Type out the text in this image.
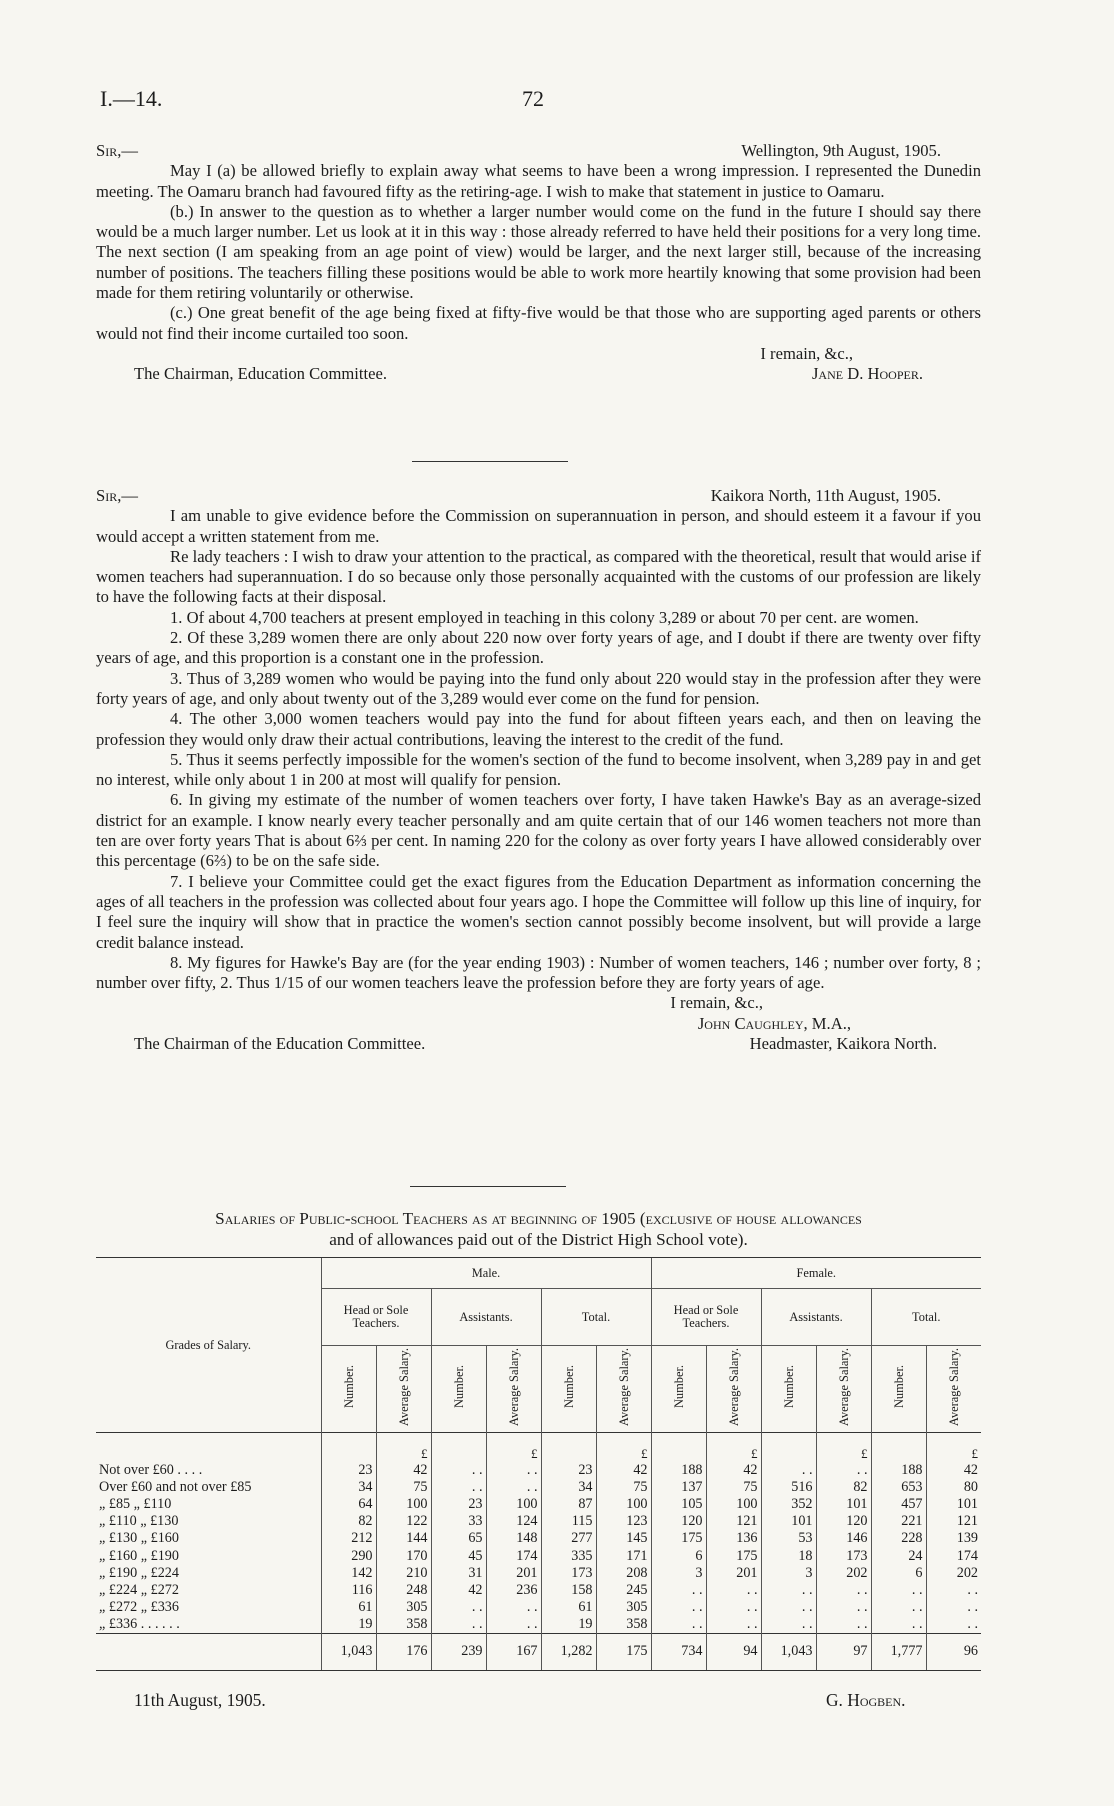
I.—14.	72
Sir,—	Wellington, 9th August, 1905.

May I (a) be allowed briefly to explain away what seems to have been a wrong impression. I represented the Dunedin meeting. The Oamaru branch had favoured fifty as the retiring-age. I wish to make that statement in justice to Oamaru.

(b.) In answer to the question as to whether a larger number would come on the fund in the future I should say there would be a much larger number. Let us look at it in this way : those already referred to have held their positions for a very long time. The next section (I am speaking from an age point of view) would be larger, and the next larger still, because of the increasing number of positions. The teachers filling these positions would be able to work more heartily knowing that some provision had been made for them retiring voluntarily or otherwise.

(c.) One great benefit of the age being fixed at fifty-five would be that those who are supporting aged parents or others would not find their income curtailed too soon.

I remain, &c.,
The Chairman, Education Committee.	Jane D. Hooper.
Sir,—	Kaikora North, 11th August, 1905.

I am unable to give evidence before the Commission on superannuation in person, and should esteem it a favour if you would accept a written statement from me.

Re lady teachers : I wish to draw your attention to the practical, as compared with the theoretical, result that would arise if women teachers had superannuation. I do so because only those personally acquainted with the customs of our profession are likely to have the following facts at their disposal.

1. Of about 4,700 teachers at present employed in teaching in this colony 3,289 or about 70 per cent. are women.

2. Of these 3,289 women there are only about 220 now over forty years of age, and I doubt if there are twenty over fifty years of age, and this proportion is a constant one in the profession.

3. Thus of 3,289 women who would be paying into the fund only about 220 would stay in the profession after they were forty years of age, and only about twenty out of the 3,289 would ever come on the fund for pension.

4. The other 3,000 women teachers would pay into the fund for about fifteen years each, and then on leaving the profession they would only draw their actual contributions, leaving the interest to the credit of the fund.

5. Thus it seems perfectly impossible for the women's section of the fund to become insolvent, when 3,289 pay in and get no interest, while only about 1 in 200 at most will qualify for pension.

6. In giving my estimate of the number of women teachers over forty, I have taken Hawke's Bay as an average-sized district for an example. I know nearly every teacher personally and am quite certain that of our 146 women teachers not more than ten are over forty years That is about 6⅔ per cent. In naming 220 for the colony as over forty years I have allowed considerably over this percentage (6⅔) to be on the safe side.

7. I believe your Committee could get the exact figures from the Education Department as information concerning the ages of all teachers in the profession was collected about four years ago. I hope the Committee will follow up this line of inquiry, for I feel sure the inquiry will show that in practice the women's section cannot possibly become insolvent, but will provide a large credit balance instead.

8. My figures for Hawke's Bay are (for the year ending 1903) : Number of women teachers, 146 ; number over forty, 8 ; number over fifty, 2. Thus 1/15 of our women teachers leave the profession before they are forty years of age.

I remain, &c.,
John Caughley, M.A.,
The Chairman of the Education Committee.	Headmaster, Kaikora North.
Salaries of Public-school Teachers as at beginning of 1905 (exclusive of house allowances
and of allowances paid out of the District High School vote).
Grades of Salary.	Male.						Female.					
	Head or Sole Teachers.		Assistants.		Total.		Head or Sole Teachers.		Assistants.		Total.	
	Number.	Average Salary.	Number.	Average Salary.	Number.	Average Salary.	Number.	Average Salary.	Number.	Average Salary.	Number.	Average Salary.
		£		£		£		£		£		£
Not over £60 . . . .	23	42	. .	. .	23	42	188	42	. .	. .	188	42
Over £60 and not over £85	34	75	. .	. .	34	75	137	75	516	82	653	80
„ £85 „ £110	64	100	23	100	87	100	105	100	352	101	457	101
„ £110 „ £130	82	122	33	124	115	123	120	121	101	120	221	121
„ £130 „ £160	212	144	65	148	277	145	175	136	53	146	228	139
„ £160 „ £190	290	170	45	174	335	171	6	175	18	173	24	174
„ £190 „ £224	142	210	31	201	173	208	3	201	3	202	6	202
„ £224 „ £272	116	248	42	236	158	245	. .	. .	. .	. .	. .	. .
„ £272 „ £336	61	305	. .	. .	61	305	. .	. .	. .	. .	. .	. .
„ £336 . . . . . .	19	358	. .	. .	19	358	. .	. .	. .	. .	. .	. .
	1,043	176	239	167	1,282	175	734	94	1,043	97	1,777	96
11th August, 1905.	G. Hogben.
